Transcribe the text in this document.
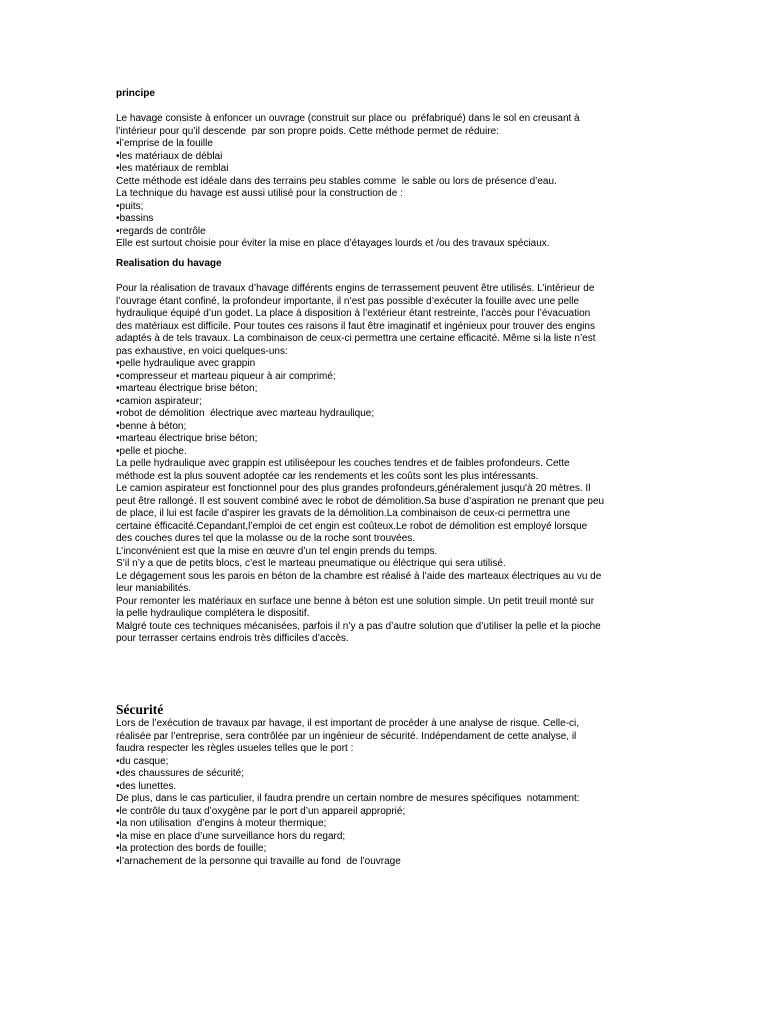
principe
Le havage consiste à enfoncer un ouvrage (construit sur place ou  préfabriqué) dans le sol en creusant à
l’intérieur pour qu’il descende  par son propre poids. Cette méthode permet de réduire:
•l’emprise de la fouille
•les matériaux de déblai
•les matériaux de remblai
Cette méthode est idéale dans des terrains peu stables comme  le sable ou lors de présence d’eau.
La technique du havage est aussi utilisé pour la construction de :
•puits;
•bassins
•regards de contrôle
Elle est surtout choisie pour éviter la mise en place d’étayages lourds et /ou des travaux spéciaux.
Realisation du havage
Pour la réalisation de travaux d’havage différents engins de terrassement peuvent être utilisés. L’intérieur de
l’ouvrage étant confiné, la profondeur importante, il n’est pas possible d’exécuter la fouille avec une pelle
hydraulique équipé d’un godet. La place á disposition à l’extérieur étant restreinte, l’accès pour l’évacuation
des matériaux est difficile. Pour toutes ces raisons il faut être imaginatif et ingénieux pour trouver des engins
adaptés à de tels travaux. La combinaison de ceux-ci permettra une certaine efficacité. Même si la liste n’est
pas exhaustive, en voici quelques-uns:
•pelle hydraulique avec grappin
•compresseur et marteau piqueur à air comprimé;
•marteau électrique brise béton;
•camion aspirateur;
•robot de démolition  électrique avec marteau hydraulique;
•benne à béton;
•marteau électrique brise béton;
•pelle et pioche.
La pelle hydraulique avec grappin est utiliséepour les couches tendres et de faibles profondeurs. Cette
méthode est la plus souvent adoptée car les rendements et les coûts sont les plus intéressants.
Le camion aspirateur est fonctionnel pour des plus grandes profondeurs,généralement jusqu'à 20 mètres. Il
peut être rallongé. Il est souvent combiné avec le robot de démolition.Sa buse d’aspiration ne prenant que peu
de place, il lui est facile d’aspirer les gravats de la démolition.La combinaison de ceux-ci permettra une
certaine éfficacité.Cepandant,l’emploi de cet engin est coûteux.Le robot de démolition est employé lorsque
des couches dures tel que la molasse ou de la roche sont trouvées.
L’inconvénient est que la mise en œuvre d’un tel engin prends du temps.
S’il n’y a que de petits blocs, c’est le marteau pneumatique ou éléctrique qui sera utilisé.
Le dégagement sous les parois en béton de la chambre est réalisé à l’aide des marteaux électriques au vu de
leur maniabilités.
Pour remonter les matériaux en surface une benne à béton est une solution simple. Un petit treuil monté sur
la pelle hydraulique complétera le dispositif.
Malgré toute ces techniques mécanisées, parfois il n’y a pas d’autre solution que d’utiliser la pelle et la pioche
pour terrasser certains endrois très difficiles d’accès.
Sécurité
Lors de l’exécution de travaux par havage, il est important de procéder à une analyse de risque. Celle-ci,
réalisée par l’entreprise, sera contrôlée par un ingénieur de sécurité. Indépendament de cette analyse, il
faudra respecter les règles usueles telles que le port :
•du casque;
•des chaussures de sécurité;
•des lunettes.
De plus, dans le cas particulier, il faudra prendre un certain nombre de mesures spécifiques  notamment:
•le contrôle du taux d’oxygène par le port d’un appareil approprié;
•la non utilisation  d’engins à moteur thermique;
•la mise en place d’une surveillance hors du regard;
•la protection des bords de fouille;
•l’arnachement de la personne qui travaille au fond  de l’ouvrage
